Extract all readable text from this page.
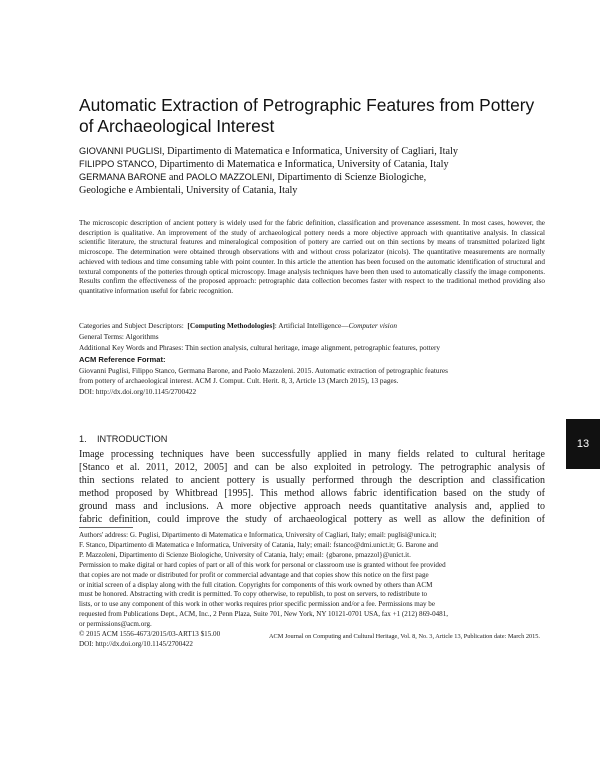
Automatic Extraction of Petrographic Features from Pottery
of Archaeological Interest
GIOVANNI PUGLISI, Dipartimento di Matematica e Informatica, University of Cagliari, Italy
FILIPPO STANCO, Dipartimento di Matematica e Informatica, University of Catania, Italy
GERMANA BARONE and PAOLO MAZZOLENI, Dipartimento di Scienze Biologiche,
Geologiche e Ambientali, University of Catania, Italy

The microscopic description of ancient pottery is widely used for the fabric definition, classification and provenance assessment. In most cases, however, the description is qualitative. An improvement of the study of archaeological pottery needs a more objective approach with quantitative analysis. In classical scientific literature, the structural features and mineralogical composition of pottery are carried out on thin sections by means of transmitted polarized light microscope. The determination were obtained through observations with and without cross polarizator (nicols). The quantitative measurements are normally achieved with tedious and time consuming table with point counter. In this article the attention has been focused on the automatic identification of structural and textural components of the potteries through optical microscopy. Image analysis techniques have been then used to automatically classify the image components. Results confirm the effectiveness of the proposed approach: petrographic data collection becomes faster with respect to the traditional method providing also quantitative information useful for fabric recognition.

Categories and Subject Descriptors: [Computing Methodologies]: Artificial Intelligence—Computer vision
General Terms: Algorithms
Additional Key Words and Phrases: Thin section analysis, cultural heritage, image alignment, petrographic features, pottery
ACM Reference Format:
Giovanni Puglisi, Filippo Stanco, Germana Barone, and Paolo Mazzoleni. 2015. Automatic extraction of petrographic features
from pottery of archaeological interest. ACM J. Comput. Cult. Herit. 8, 3, Article 13 (March 2015), 13 pages.
DOI: http://dx.doi.org/10.1145/2700422
1. INTRODUCTION
Image processing techniques have been successfully applied in many fields related to cultural heritage
[Stanco et al. 2011, 2012, 2005] and can be also exploited in petrology. The petrographic analysis of
thin sections related to ancient pottery is usually performed through the description and classification
method proposed by Whitbread [1995]. This method allows fabric identification based on the study of
ground mass and inclusions. A more objective approach needs quantitative analysis and, applied to
fabric definition, could improve the study of archaeological pottery as well as allow the definition of
Authors' address: G. Puglisi, Dipartimento di Matematica e Informatica, University of Cagliari, Italy; email: puglisi@unica.it;
F. Stanco, Dipartimento di Matematica e Informatica, University of Catania, Italy; email: fstanco@dmi.unict.it; G. Barone and
P. Mazzoleni, Dipartimento di Scienze Biologiche, University of Catania, Italy; email: {gbarone, pmazzol}@unict.it.
Permission to make digital or hard copies of part or all of this work for personal or classroom use is granted without fee provided
that copies are not made or distributed for profit or commercial advantage and that copies show this notice on the first page
or initial screen of a display along with the full citation. Copyrights for components of this work owned by others than ACM
must be honored. Abstracting with credit is permitted. To copy otherwise, to republish, to post on servers, to redistribute to
lists, or to use any component of this work in other works requires prior specific permission and/or a fee. Permissions may be
requested from Publications Dept., ACM, Inc., 2 Penn Plaza, Suite 701, New York, NY 10121-0701 USA, fax +1 (212) 869-0481,
or permissions@acm.org.
© 2015 ACM 1556-4673/2015/03-ART13 $15.00
DOI: http://dx.doi.org/10.1145/2700422
ACM Journal on Computing and Cultural Heritage, Vol. 8, No. 3, Article 13, Publication date: March 2015.
13
